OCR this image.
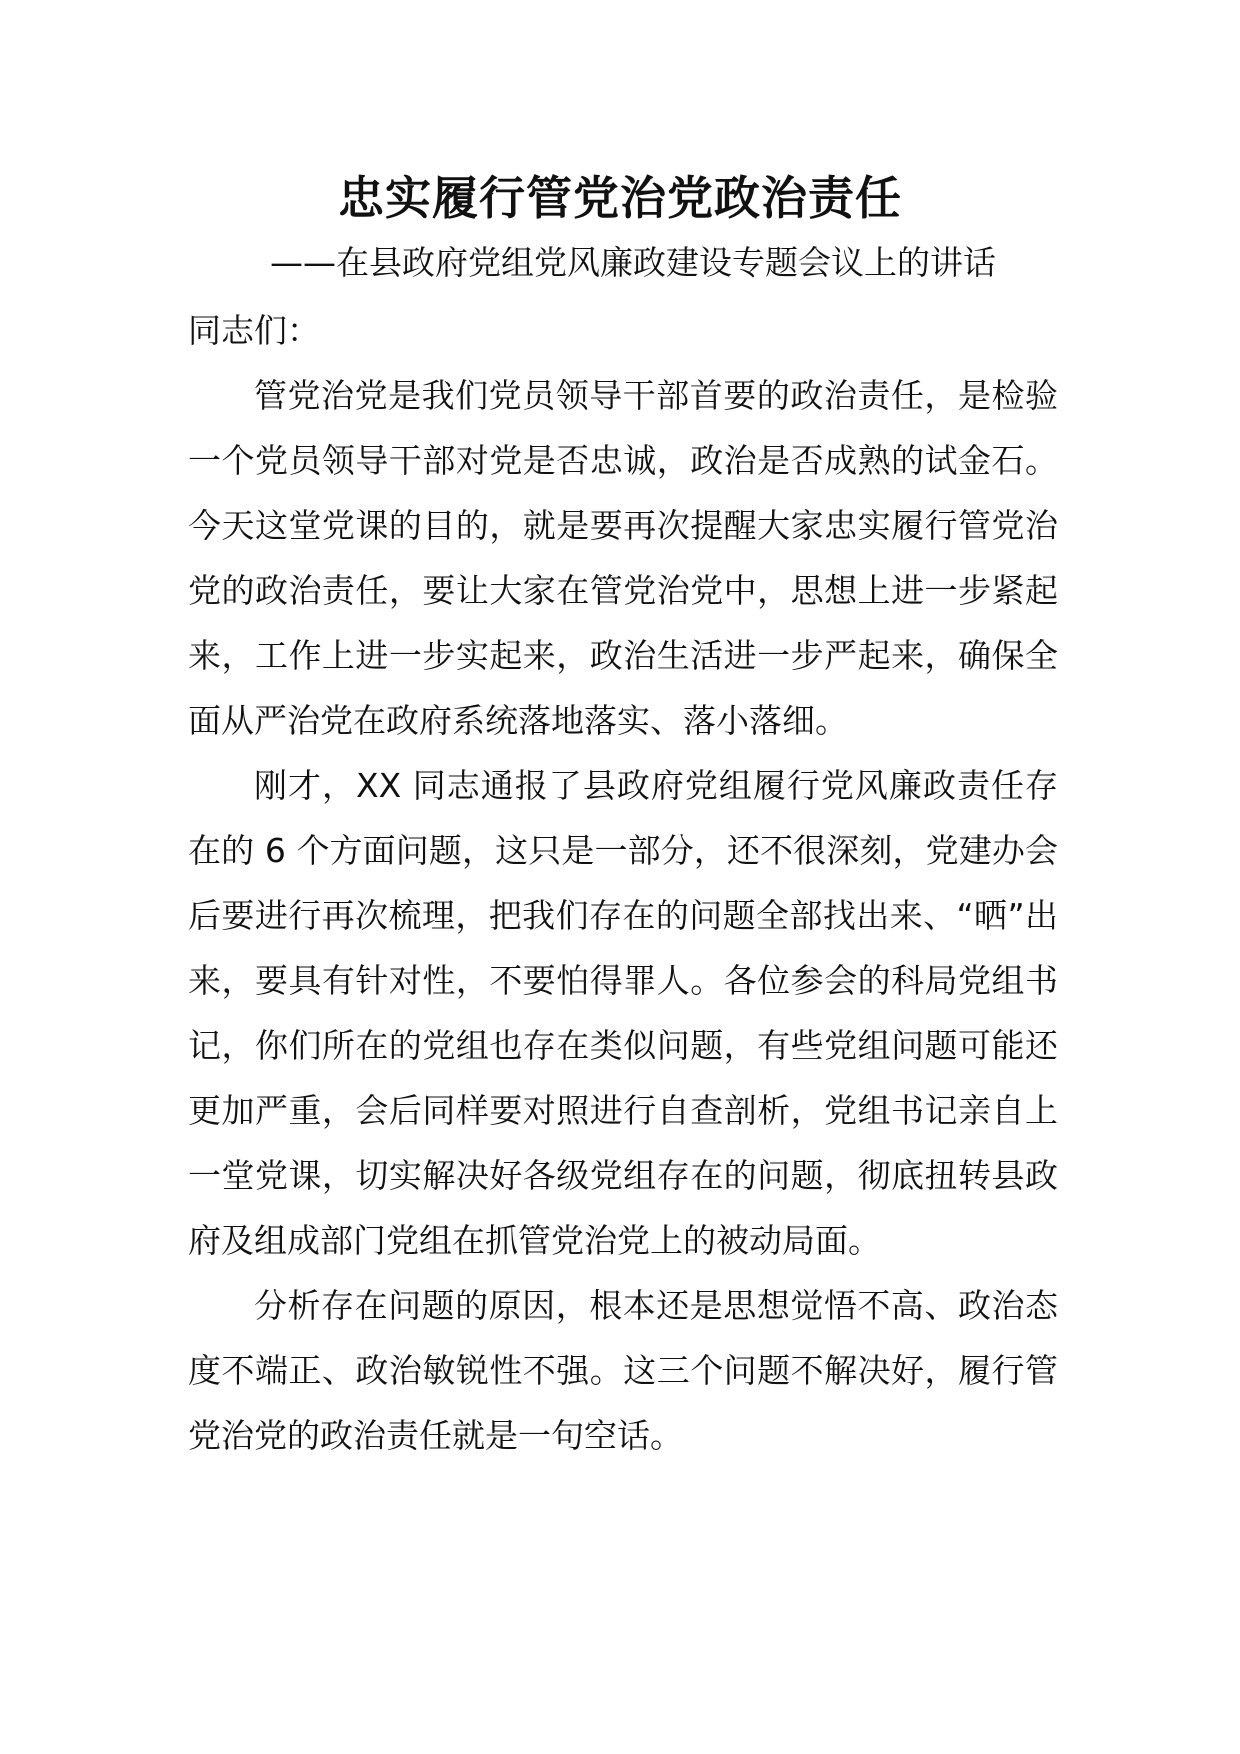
忠实履行管党治党政治责任
——在县政府党组党风廉政建设专题会议上的讲话

同志们：

管党治党是我们党员领导干部首要的政治责任，是检验一个党员领导干部对党是否忠诚，政治是否成熟的试金石。今天这堂党课的目的，就是要再次提醒大家忠实履行管党治党的政治责任，要让大家在管党治党中，思想上进一步紧起来，工作上进一步实起来，政治生活进一步严起来，确保全面从严治党在政府系统落地落实、落小落细。

刚才，XX 同志通报了县政府党组履行党风廉政责任存在的 6 个方面问题，这只是一部分，还不很深刻，党建办会后要进行再次梳理，把我们存在的问题全部找出来、“晒”出来，要具有针对性，不要怕得罪人。各位参会的科局党组书记，你们所在的党组也存在类似问题，有些党组问题可能还更加严重，会后同样要对照进行自查剖析，党组书记亲自上一堂党课，切实解决好各级党组存在的问题，彻底扭转县政府及组成部门党组在抓管党治党上的被动局面。

分析存在问题的原因，根本还是思想觉悟不高、政治态度不端正、政治敏锐性不强。这三个问题不解决好，履行管党治党的政治责任就是一句空话。
